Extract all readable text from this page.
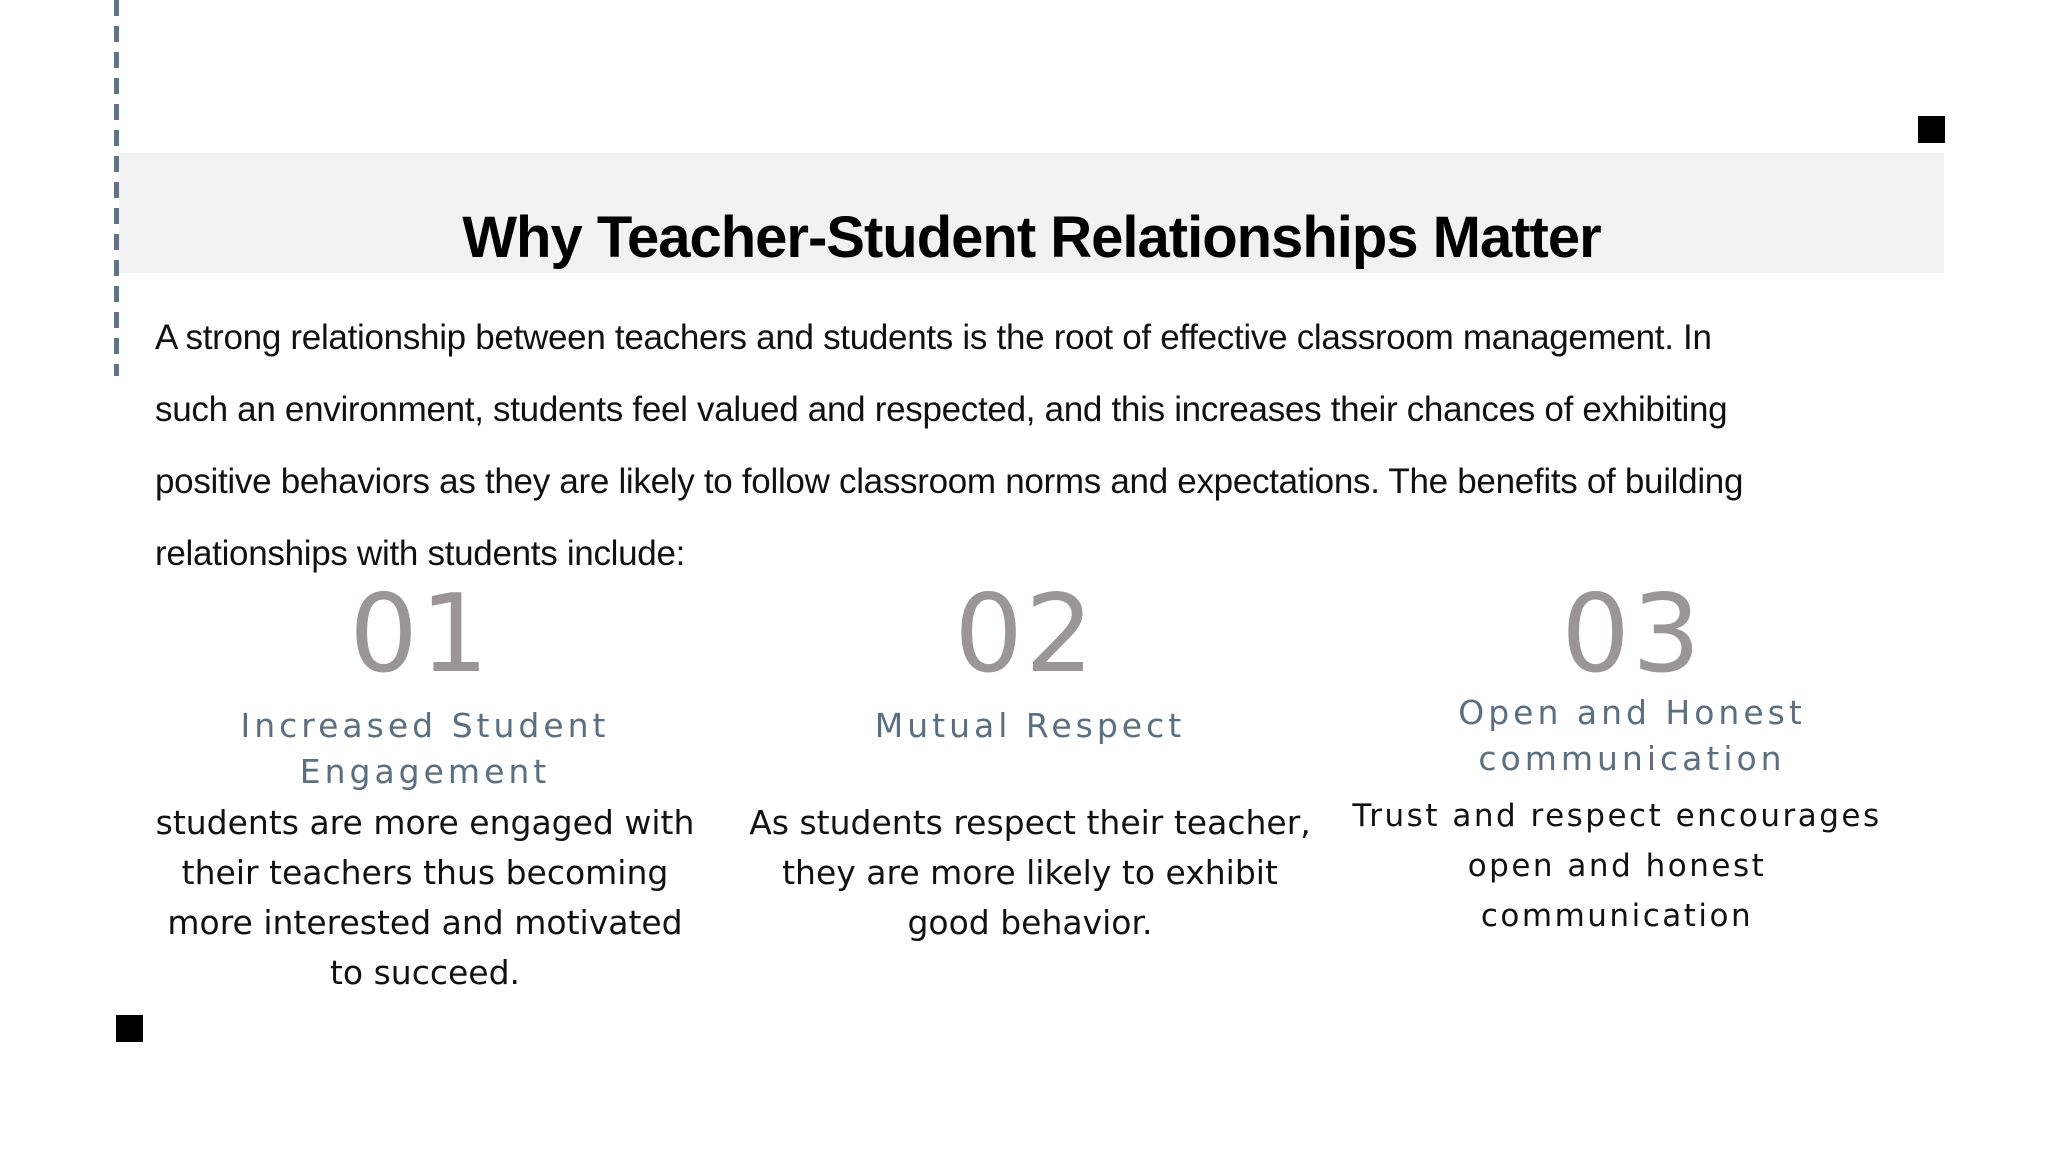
Why Teacher-Student Relationships Matter

A strong relationship between teachers and students is the root of effective classroom management. In
such an environment, students feel valued and respected, and this increases their chances of exhibiting
positive behaviors as they are likely to follow classroom norms and expectations. The benefits of building
relationships with students include:

01
Increased Student
Engagement
students are more engaged with
their teachers thus becoming
more interested and motivated
to succeed.
02
Mutual Respect
As students respect their teacher,
they are more likely to exhibit
good behavior.
03
Open and Honest
communication
Trust and respect encourages
open and honest
communication
